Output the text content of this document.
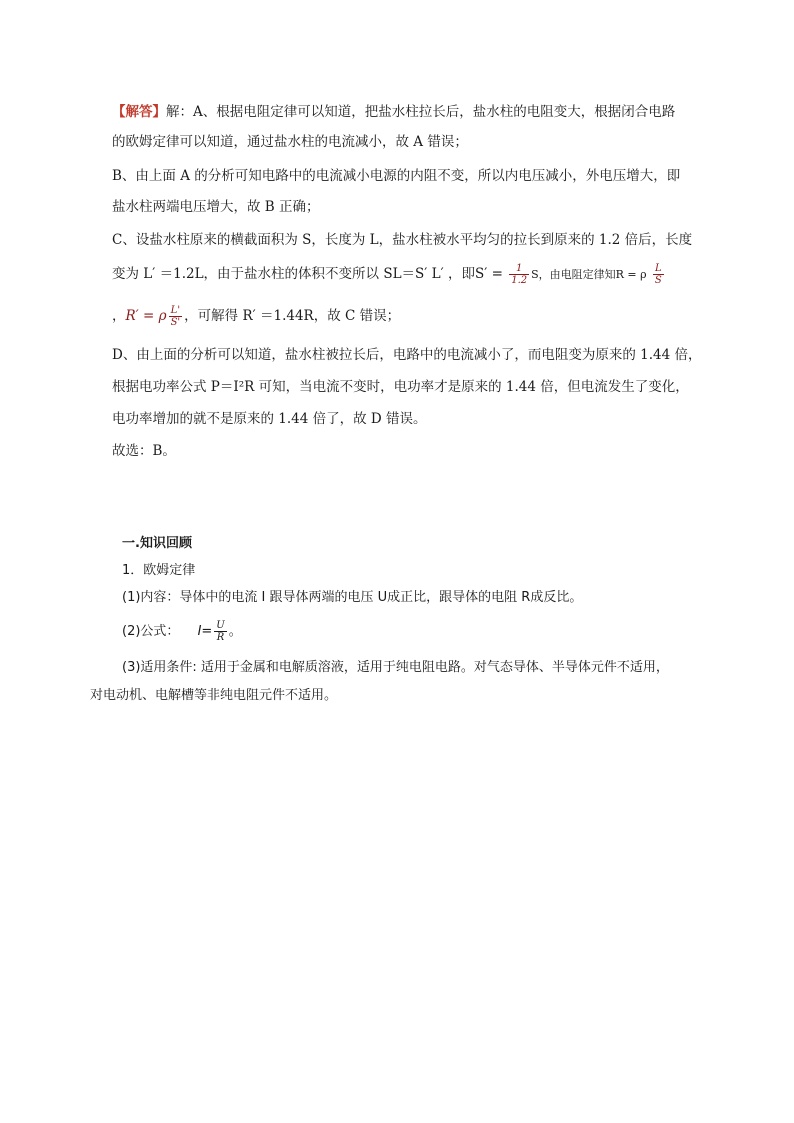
【解答】解：A、根据电阻定律可以知道，把盐水柱拉长后，盐水柱的电阻变大，根据闭合电路
的欧姆定律可以知道，通过盐水柱的电流减小，故 A 错误；
B、由上面 A 的分析可知电路中的电流减小电源的内阻不变，所以内电压减小，外电压增大，即
盐水柱两端电压增大，故 B 正确；
C、设盐水柱原来的横截面积为 S，长度为 L，盐水柱被水平均匀的拉长到原来的 1.2 倍后，长度
变为 L′ ＝1.2L，由于盐水柱的体积不变所以 SL＝S′ L′ ，即$S' = \frac{1}{1.2}$ S，由电阻定律知R = ρ $\frac{L}{S}$
，R′ = ρ $\frac{L'}{S'}$ ，可解得 R′ ＝1.44R，故 C 错误；
D、由上面的分析可以知道，盐水柱被拉长后，电路中的电流减小了，而电阻变为原来的 1.44 倍，
根据电功率公式 P＝I²R 可知，当电流不变时，电功率才是原来的 1.44 倍，但电流发生了变化，
电功率增加的就不是原来的 1.44 倍了，故 D 错误。
故选：B。
一.知识回顾
1．欧姆定律
(1)内容：导体中的电流 I 跟导体两端的电压 U成正比，跟导体的电阻 R成反比。
(2)公式： $I= \frac{U}{R}$ 。
(3)适用条件: 适用于金属和电解质溶液，适用于纯电阻电路。对气态导体、半导体元件不适用，
对电动机、电解槽等非纯电阻元件不适用。
